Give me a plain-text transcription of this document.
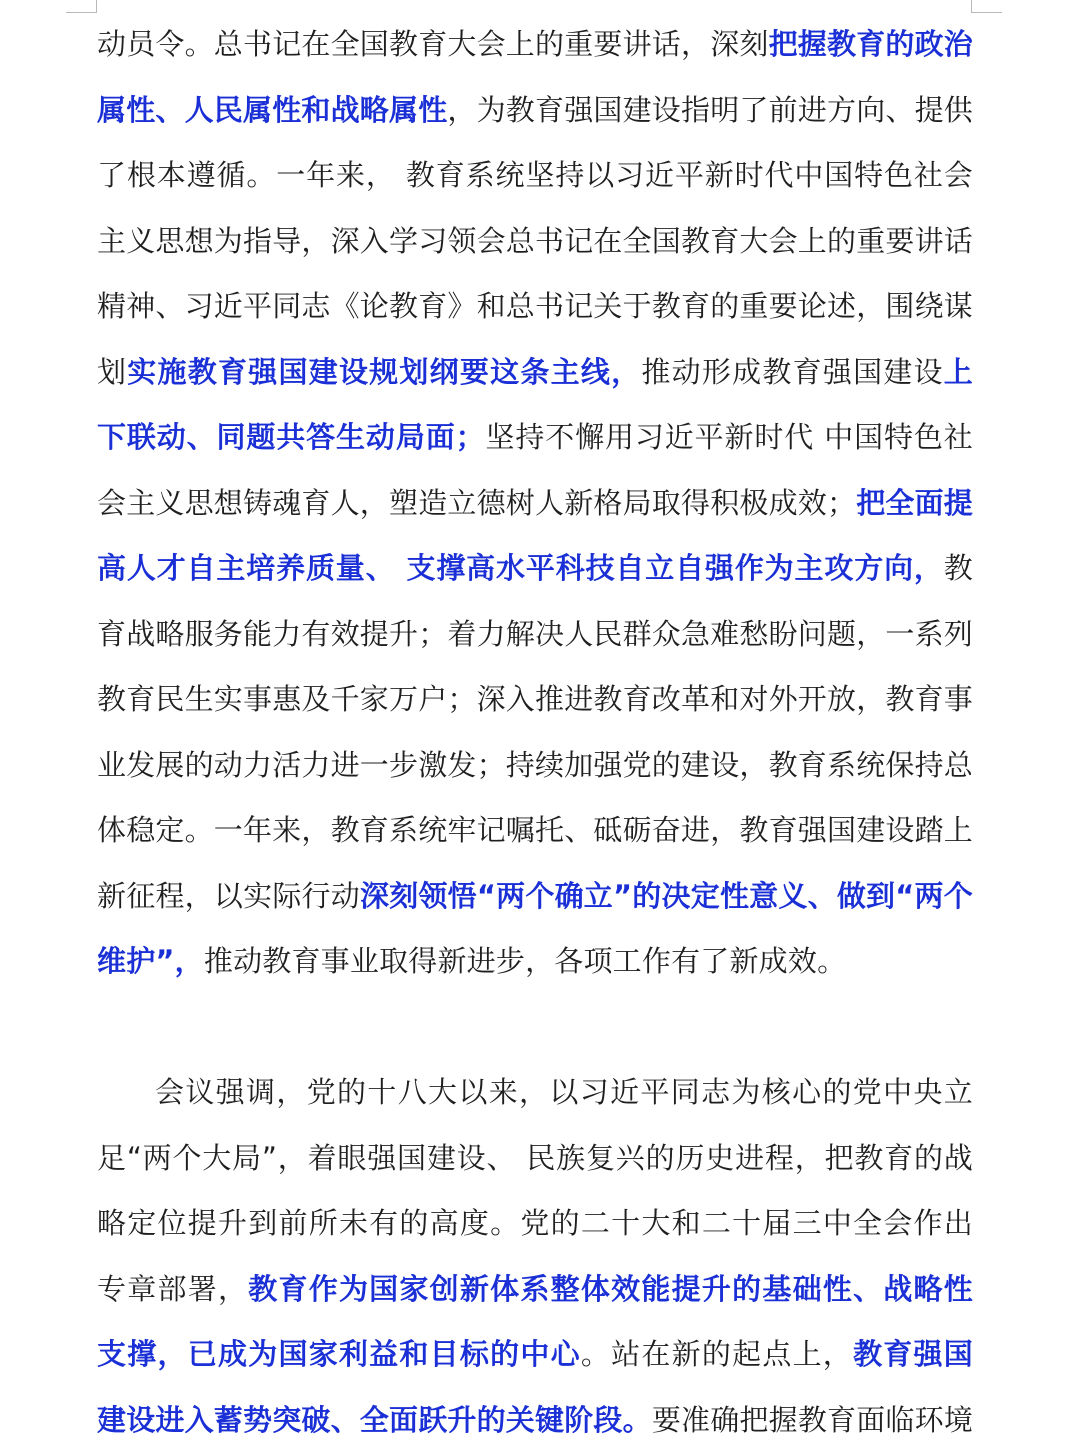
动员令。总书记在全国教育大会上的重要讲话，深刻把握教育的政治属性、人民属性和战略属性，为教育强国建设指明了前进方向、提供了根本遵循。一年来， 教育系统坚持以习近平新时代中国特色社会主义思想为指导，深入学习领会总书记在全国教育大会上的重要讲话精神、习近平同志《论教育》和总书记关于教育的重要论述，围绕谋划实施教育强国建设规划纲要这条主线，推动形成教育强国建设上下联动、同题共答生动局面；坚持不懈用习近平新时代 中国特色社会主义思想铸魂育人，塑造立德树人新格局取得积极成效；把全面提高人才自主培养质量、 支撑高水平科技自立自强作为主攻方向，教育战略服务能力有效提升；着力解决人民群众急难愁盼问题，一系列教育民生实事惠及千家万户；深入推进教育改革和对外开放，教育事业发展的动力活力进一步激发；持续加强党的建设，教育系统保持总体稳定。一年来，教育系统牢记嘱托、砥砺奋进，教育强国建设踏上新征程，以实际行动深刻领悟“两个确立”的决定性意义、做到“两个维护”，推动教育事业取得新进步，各项工作有了新成效。

会议强调，党的十八大以来，以习近平同志为核心的党中央立足“两个大局”，着眼强国建设、 民族复兴的历史进程，把教育的战略定位提升到前所未有的高度。党的二十大和二十届三中全会作出 专章部署，教育作为国家创新体系整体效能提升的基础性、战略性支撑，已成为国家利益和目标的中心。站在新的起点上，教育强国建设进入蓄势突破、全面跃升的关键阶段。要准确把握教育面临环境
